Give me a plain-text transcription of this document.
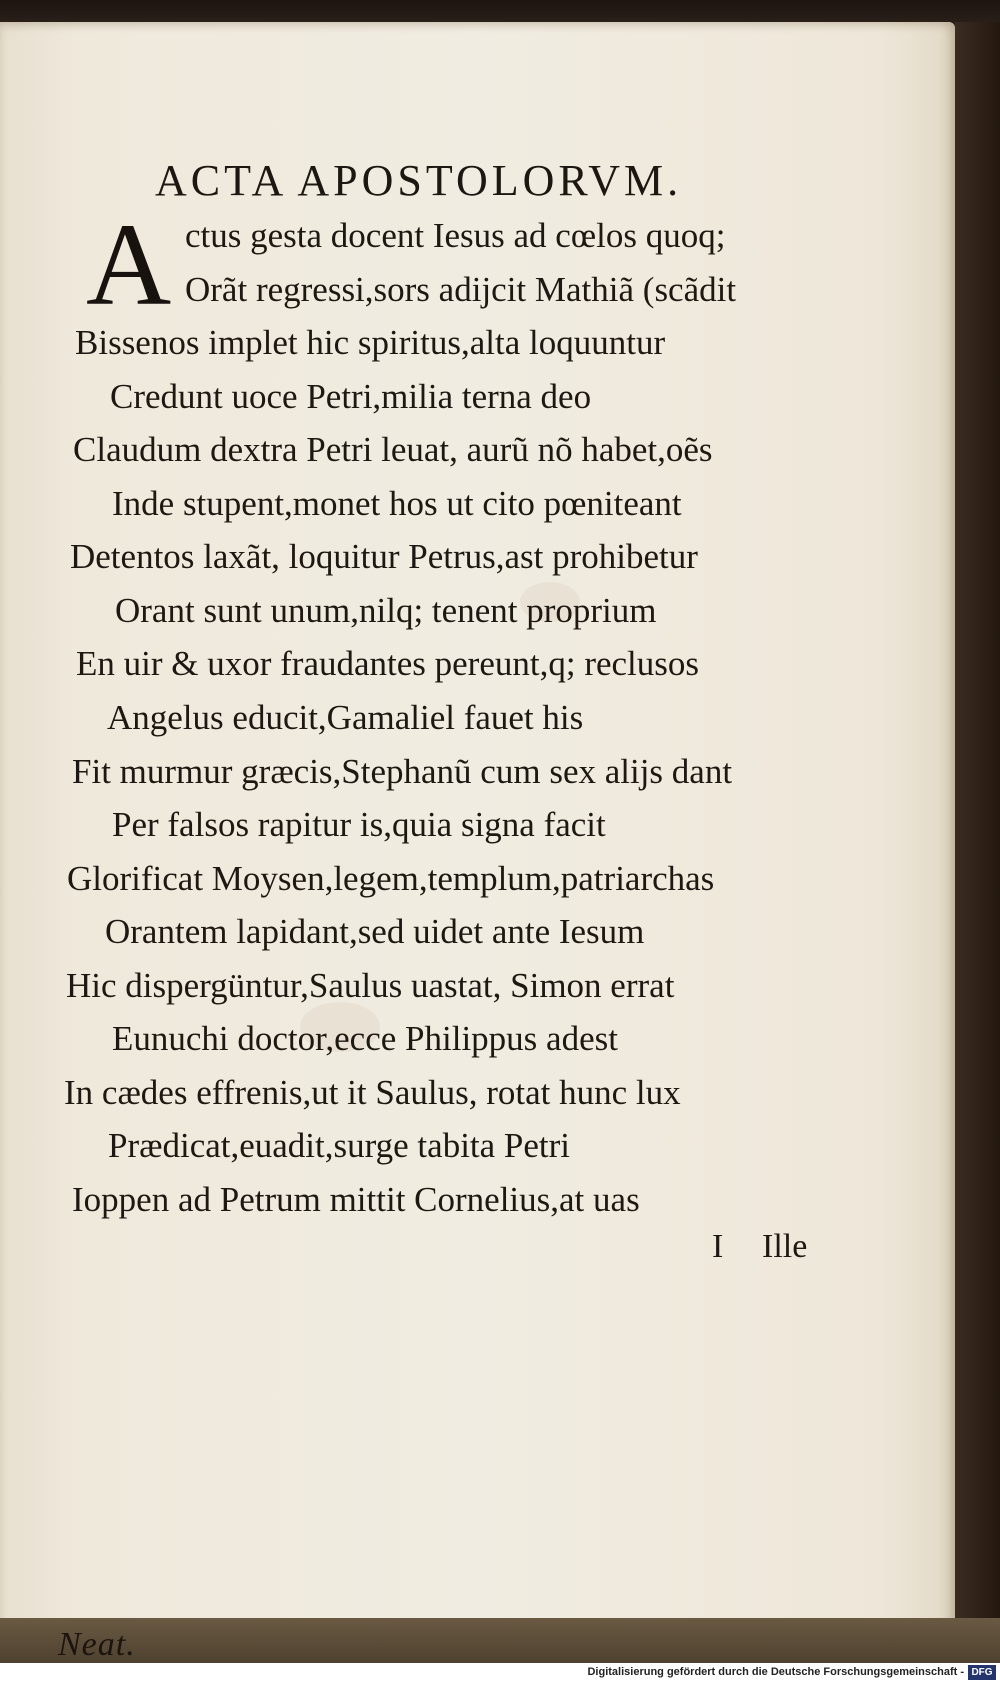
ACTA APOSTOLORVM.
A ctus gesta docent Iesus ad cœlos quoq;

Orãt regressi,sors adijcit Mathiã (scãdit

Bissenos implet hic spiritus,alta loquuntur

Credunt uoce Petri,milia terna deo

Claudum dextra Petri leuat, aurũ nõ habet,oẽs

Inde stupent,monet hos ut cito pœniteant

Detentos laxãt, loquitur Petrus,ast prohibetur

Orant sunt unum,nilq; tenent proprium

En uir & uxor fraudantes pereunt,q; reclusos

Angelus educit,Gamaliel fauet his

Fit murmur græcis,Stephanũ cum sex alijs dant

Per falsos rapitur is,quia signa facit

Glorificat Moysen,legem,templum,patriarchas

Orantem lapidant,sed uidet ante Iesum

Hic dispergüntur,Saulus uastat, Simon errat

Eunuchi doctor,ecce Philippus adest

In cædes effrenis,ut it Saulus, rotat hunc lux

Prædicat,euadit,surge tabita Petri

Ioppen ad Petrum mittit Cornelius,at uas

I Ille
Neat.
Digitalisierung gefördert durch die Deutsche Forschungsgemeinschaft - DFG
